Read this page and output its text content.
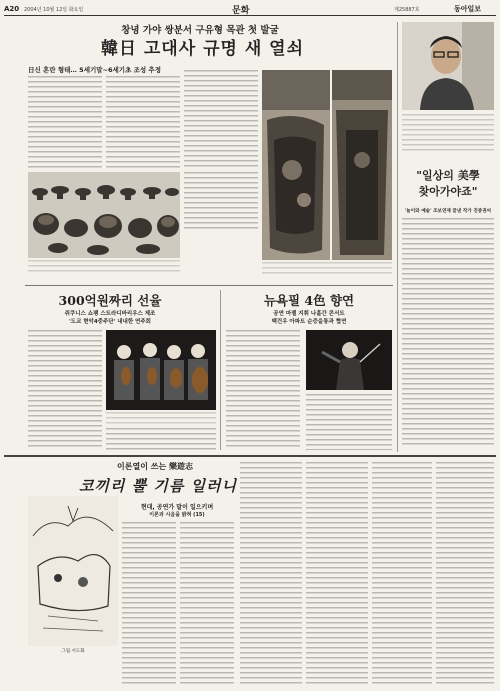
A20 2004년 10월 12일 화요일	문화	제25887호	동아일보
창녕 가야 쌍분서 구유형 목관 첫 발굴
韓日 고대사 규명 새 열쇠
日신 혼란 형태… 5세기말~6세기초 조성 추정
"일상의 美學
찾아가야죠"
'놀이와 예술' 조보연재 끝낸 작가 진중권씨
300억원짜리 선율
쥐쿠니스 쇼팽 스트라디바리우스 제조
'도교 현악4중주단' 내내한 연주회
뉴욕필 4色 향연
공연 마젤 지휘 나흘간 콘서트
백건우 아파트 순증을통과 협연
이론열이 쓰는 樂遊志
코끼리 뿔 기름 일러니
그림 서도화
현대, 공연가 말이 일으키며
이론과 시음을 밝혀 (15)
